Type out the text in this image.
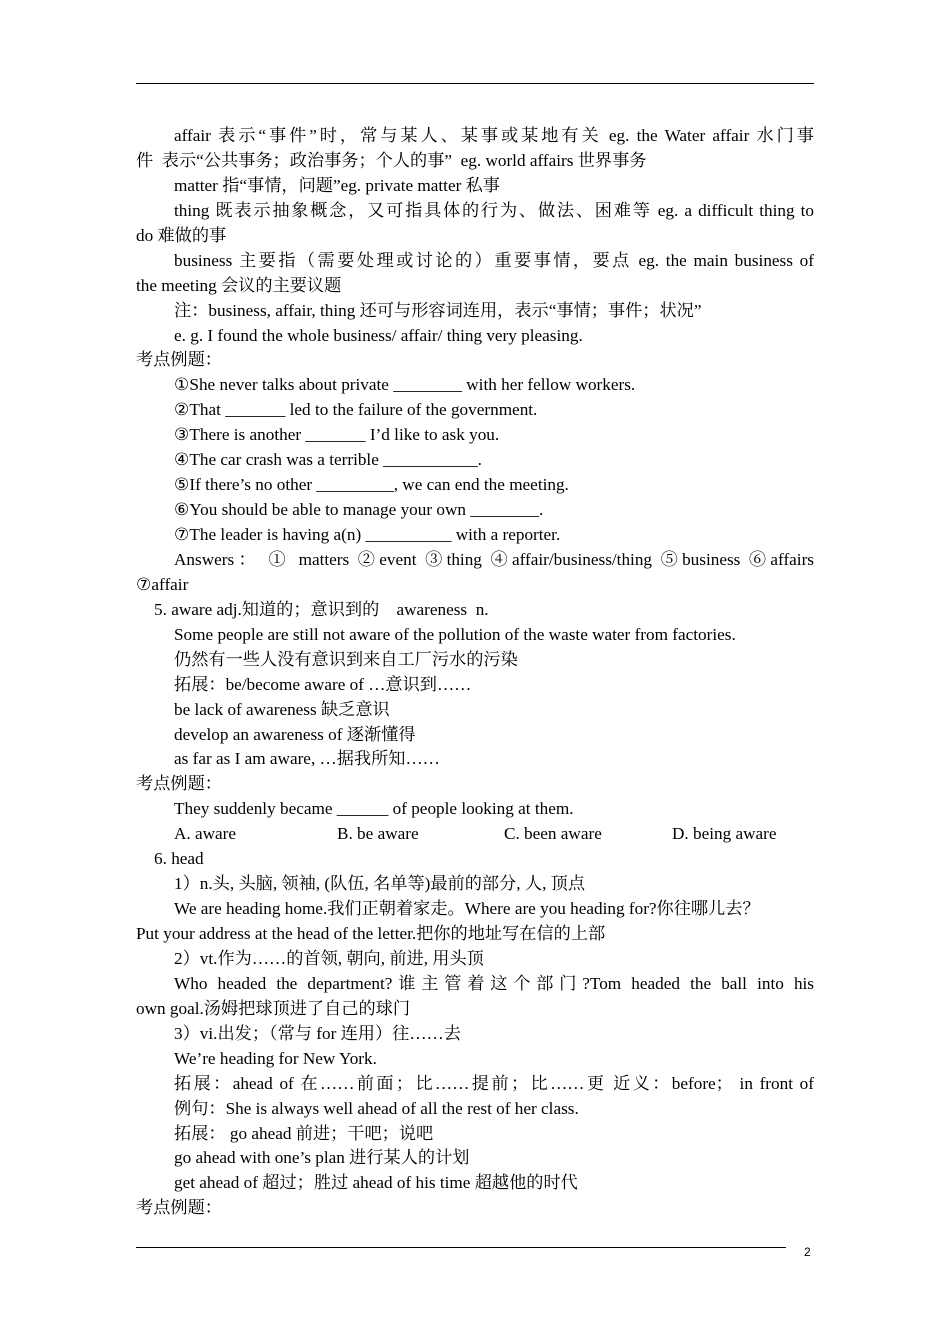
affair 表示“事件”时，常与某人、某事或某地有关 eg. the Water affair 水门事
件  表示“公共事务；政治事务；个人的事”  eg. world affairs 世界事务
matter 指“事情，问题”eg. private matter 私事
thing 既表示抽象概念，又可指具体的行为、做法、困难等 eg. a difficult thing to
do 难做的事
business 主要指（需要处理或讨论的）重要事情，要点 eg. the main business of
the meeting 会议的主要议题
注：business, affair, thing 还可与形容词连用，表示“事情；事件；状况”
e. g. I found the whole business/ affair/ thing very pleasing.
考点例题：
①She never talks about private ________ with her fellow workers.
②That _______ led to the failure of the government.
③There is another _______ I’d like to ask you.
④The car crash was a terrible ___________.
⑤If there’s no other _________, we can end the meeting.
⑥You should be able to manage your own ________.
⑦The leader is having a(n) __________ with a reporter.
Answers： ① matters ②event ③thing ④affair/business/thing ⑤business ⑥affairs
⑦affair
5. aware adj.知道的；意识到的    awareness  n.
Some people are still not aware of the pollution of the waste water from factories.
仍然有一些人没有意识到来自工厂污水的污染
拓展：be/become aware of …意识到……
be lack of awareness 缺乏意识
develop an awareness of 逐渐懂得
as far as I am aware, …据我所知……
考点例题：
They suddenly became ______ of people looking at them.
A. aware	B. be aware	C. been aware	D. being aware
6. head
1）n.头, 头脑, 领袖, (队伍, 名单等)最前的部分, 人, 顶点
We are heading home.我们正朝着家走。Where are you heading for?你往哪儿去？
Put your address at the head of the letter.把你的地址写在信的上部
2）vt.作为……的首领, 朝向, 前进, 用头顶
Who headed the department?谁主管着这个部门?Tom headed the ball into his
own goal.汤姆把球顶进了自己的球门
3）vi.出发；（常与 for 连用）往……去
We’re heading for New York.
拓展：ahead of 在……前面；比……提前；比……更 近义：before； in front of
例句：She is always well ahead of all the rest of her class.
拓展： go ahead 前进；干吧；说吧
go ahead with one’s plan 进行某人的计划
get ahead of 超过；胜过 ahead of his time 超越他的时代
考点例题：
2
